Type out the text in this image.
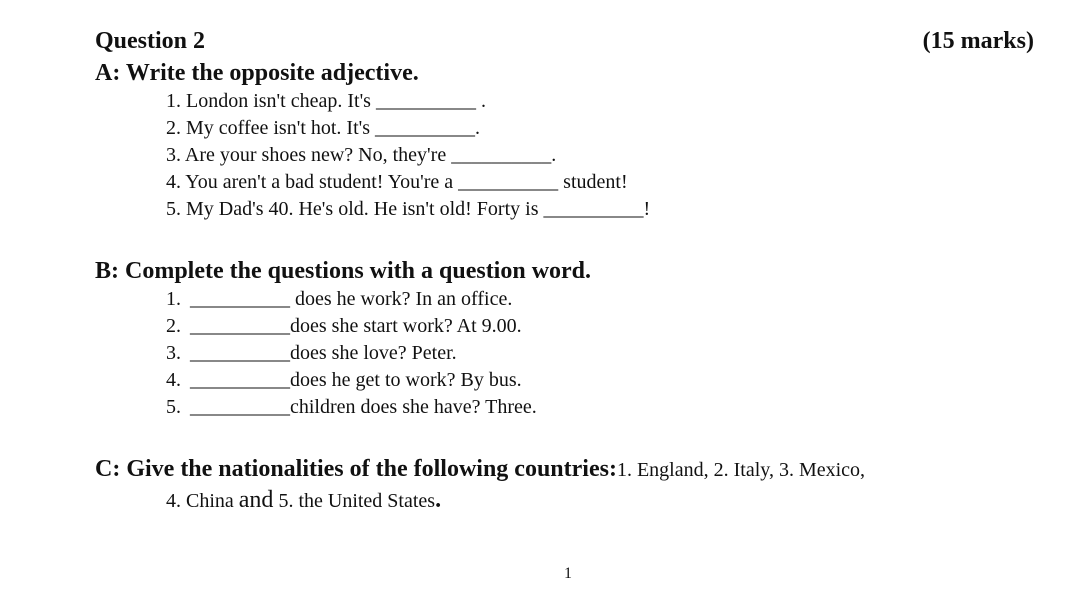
Question 2	(15 marks)
A: Write the opposite adjective.
1. London isn't cheap. It's __________ .
2. My coffee isn't hot. It's __________.
3. Are your shoes new? No, they're __________.
4. You aren't a bad student! You're a __________ student!
5. My Dad's 40. He's old. He isn't old! Forty is __________!
B: Complete the questions with a question word.
1. __________ does he work? In an office.
2. __________does she start work? At 9.00.
3. __________does she love? Peter.
4. __________does he get to work? By bus.
5. __________children does she have? Three.
C: Give the nationalities of the following countries:1. England, 2. Italy, 3. Mexico,
4. China and 5. the United States.
1
